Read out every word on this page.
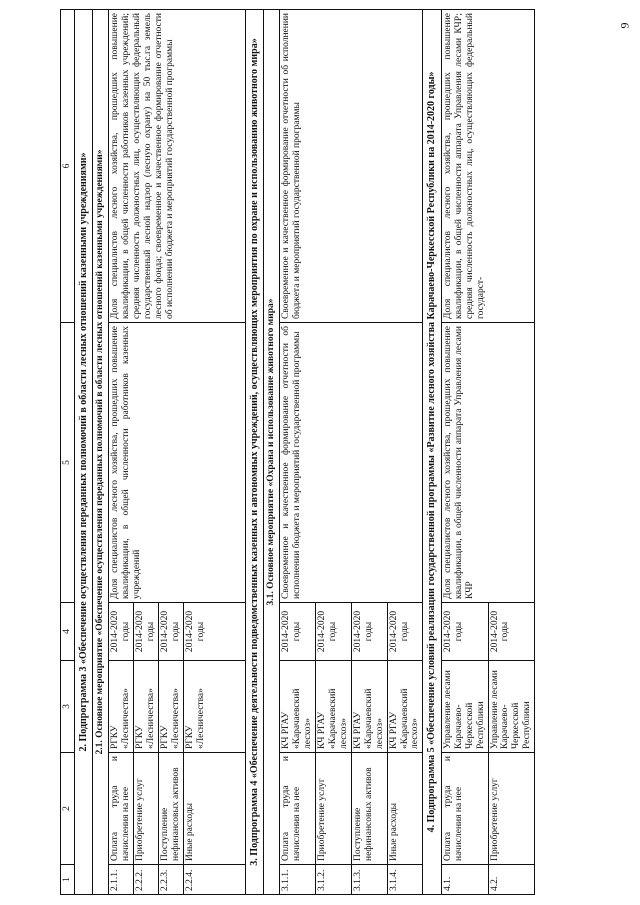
9
1	2	3	4	5	6
2. Подпрограмма 3 «Обеспечение осуществления переданных полномочий в области лесных отношений казенными учреждениями»					
2.1. Основное мероприятие «Обеспечение осуществления переданных полномочий в области лесных отношений казенными учреждениями»					
2.1.1.	Оплата труда и начисления на нее	РГКУ «Лесничества»	2014-2020 годы	Доля специалистов лесного хозяйства, прошедших повышение квалификации, в общей численности работников казенных учреждений	Доля специалистов лесного хозяйства, прошедших повышение квалификации, в общей численности работников казенных учреждений; средняя численность должностных лиц, осуществляющих федеральный государственный лесной надзор (лесную охрану) на 50 тыс.га земель лесного фонда; своевременное и качественное формирование отчетности об исполнении бюджета и мероприятий государственной программы
2.2.2.	Приобретение услуг	РГКУ «Лесничества»	2014-2020 годы		
2.2.3.	Поступление нефинансовых активов	РГКУ «Лесничества»	2014-2020 годы		
2.2.4.	Иные расходы	РГКУ «Лесничества»	2014-2020 годы		
3. Подпрограмма 4 «Обеспечение деятельности подведомственных казенных и автономных учреждений, осуществляющих мероприятия по охране и использованию животного мира»					
3.1. Основное мероприятие «Охрана и использование животного мира»					
3.1.1.	Оплата труда и начисления на нее	КЧ РГАУ «Карачаевский лесхоз»	2014-2020 годы	Своевременное и качественное формирование отчетности об исполнении бюджета и мероприятий государственной программы	Своевременное и качественное формирование отчетности об исполнении бюджета и мероприятий государственной программы
3.1.2.	Приобретение услуг	КЧ РГАУ «Карачаевский лесхоз»	2014-2020 годы		
3.1.3.	Поступление нефинансовых активов	КЧ РГАУ «Карачаевский лесхоз»	2014-2020 годы		
3.1.4.	Иные расходы	КЧ РГАУ «Карачаевский лесхоз»	2014-2020 годы		
4. Подпрограмма 5 «Обеспечение условий реализации государственной программы «Развитие лесного хозяйства Карачаево-Черкесской Республики на 2014-2020 годы»					
4.1.	Оплата труда и начисления на нее	Управление лесами Карачаево-Черкесской Республики	2014-2020 годы	Доля специалистов лесного хозяйства, прошедших повышение квалификации, в общей численности аппарата Управления лесами КЧР	Доля специалистов лесного хозяйства, прошедших повышение квалификации, в общей численности аппарата Управления лесами КЧР; средняя численность должностных лиц, осуществляющих федеральный государст-
4.2.	Приобретение услуг	Управление лесами Карачаево-Черкесской Республики	2014-2020 годы		
